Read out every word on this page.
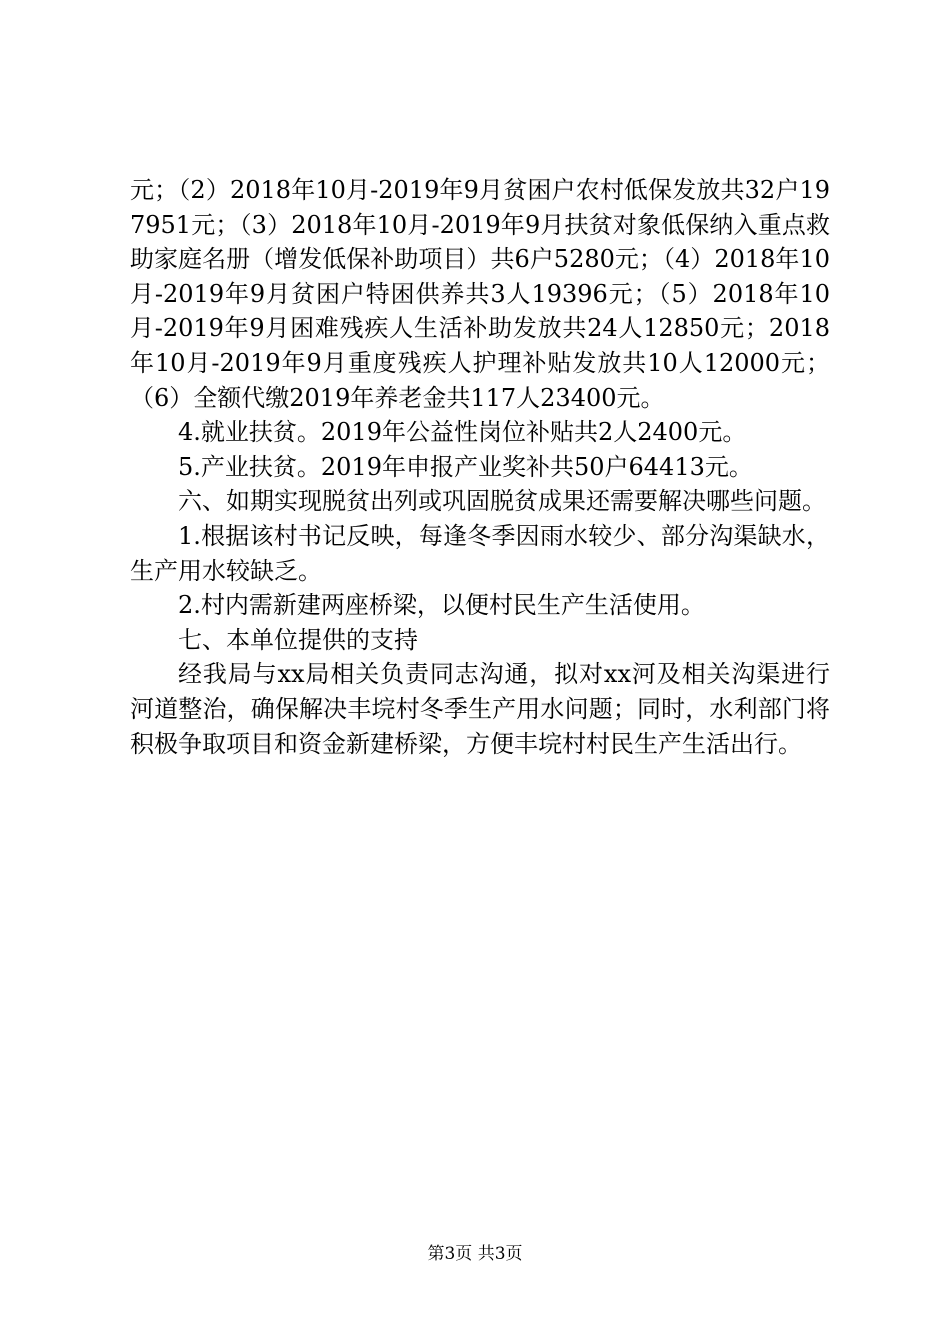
元；（2）2018年10月-2019年9月贫困户农村低保发放共32户197951元；（3）2018年10月-2019年9月扶贫对象低保纳入重点救助家庭名册（增发低保补助项目）共6户5280元；（4）2018年10月-2019年9月贫困户特困供养共3人19396元；（5）2018年10月-2019年9月困难残疾人生活补助发放共24人12850元；2018年10月-2019年9月重度残疾人护理补贴发放共10人12000元；（6）全额代缴2019年养老金共117人23400元。

4.就业扶贫。2019年公益性岗位补贴共2人2400元。

5.产业扶贫。2019年申报产业奖补共50户64413元。

六、如期实现脱贫出列或巩固脱贫成果还需要解决哪些问题。

1.根据该村书记反映，每逢冬季因雨水较少、部分沟渠缺水，生产用水较缺乏。

2.村内需新建两座桥梁，以便村民生产生活使用。

七、本单位提供的支持

经我局与xx局相关负责同志沟通，拟对xx河及相关沟渠进行河道整治，确保解决丰垸村冬季生产用水问题；同时，水利部门将积极争取项目和资金新建桥梁，方便丰垸村村民生产生活出行。

第3页 共3页
